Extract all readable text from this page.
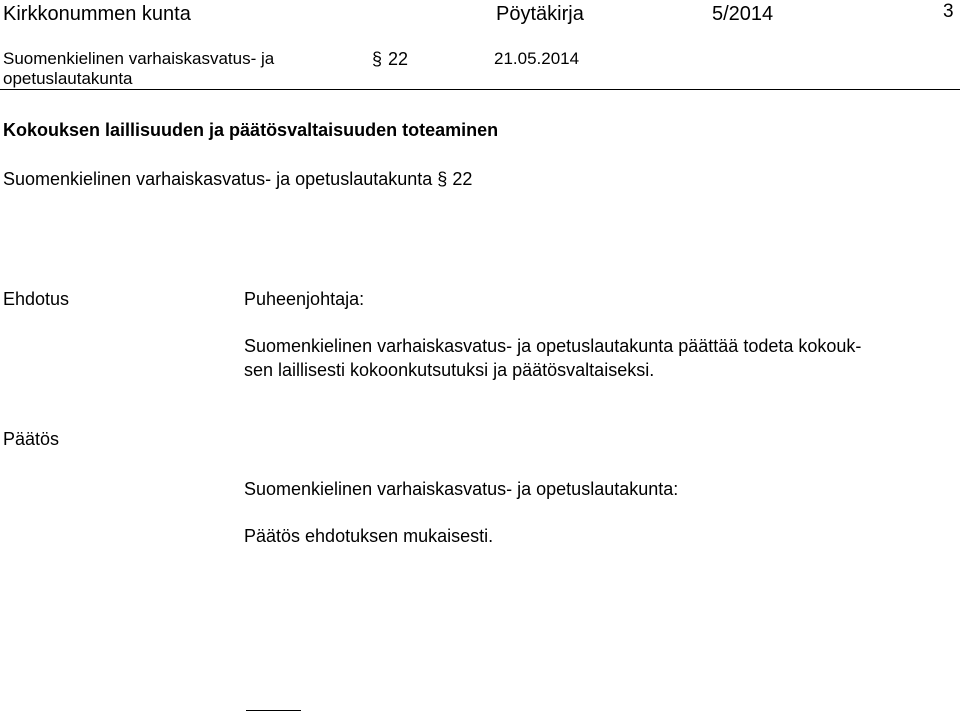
Kirkkonummen kunta	Pöytäkirja	5/2014	3
Suomenkielinen varhaiskasvatus- ja
opetuslautakunta
§ 22	21.05.2014
Kokouksen laillisuuden ja päätösvaltaisuuden toteaminen
Suomenkielinen varhaiskasvatus- ja opetuslautakunta § 22
Ehdotus	Puheenjohtaja:
Suomenkielinen varhaiskasvatus- ja opetuslautakunta päättää todeta kokouk-
sen laillisesti kokoonkutsutuksi ja päätösvaltaiseksi.
Päätös
Suomenkielinen varhaiskasvatus- ja opetuslautakunta:
Päätös ehdotuksen mukaisesti.
